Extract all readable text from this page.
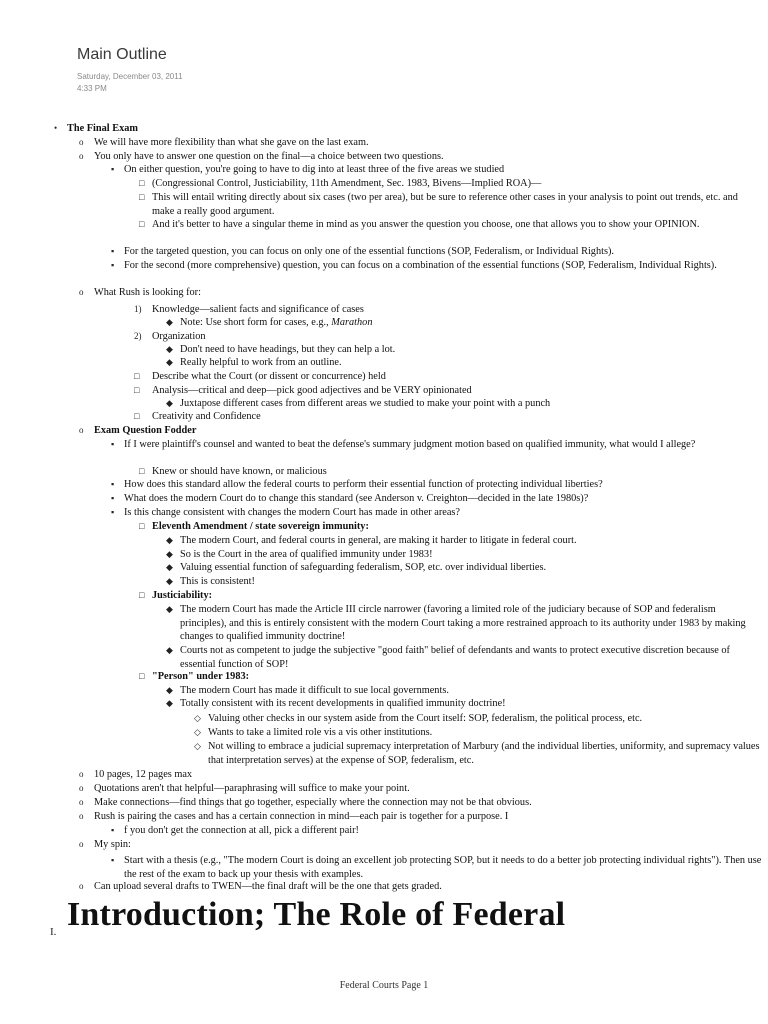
Main Outline
Saturday, December 03, 2011
4:33 PM
• The Final Exam
o We will have more flexibility than what she gave on the last exam.
o You only have to answer one question on the final—a choice between two questions.
▪ On either question, you're going to have to dig into at least three of the five areas we studied
□ (Congressional Control, Justiciability, 11th Amendment, Sec. 1983, Bivens—Implied ROA)—
□ This will entail writing directly about six cases (two per area), but be sure to reference other cases in your analysis to point out trends, etc. and make a really good argument.
□ And it's better to have a singular theme in mind as you answer the question you choose, one that allows you to show your OPINION.
▪ For the targeted question, you can focus on only one of the essential functions (SOP, Federalism, or Individual Rights).
▪ For the second (more comprehensive) question, you can focus on a combination of the essential functions (SOP, Federalism, Individual Rights).
o What Rush is looking for:
1) Knowledge—salient facts and significance of cases
◆ Note: Use short form for cases, e.g., Marathon
2) Organization
◆ Don't need to have headings, but they can help a lot.
◆ Really helpful to work from an outline.
□ Describe what the Court (or dissent or concurrence) held
□ Analysis—critical and deep—pick good adjectives and be VERY opinionated
◆ Juxtapose different cases from different areas we studied to make your point with a punch
□ Creativity and Confidence
o Exam Question Fodder
▪ If I were plaintiff's counsel and wanted to beat the defense's summary judgment motion based on qualified immunity, what would I allege?
□ Knew or should have known, or malicious
▪ How does this standard allow the federal courts to perform their essential function of protecting individual liberties?
▪ What does the modern Court do to change this standard (see Anderson v. Creighton—decided in the late 1980s)?
▪ Is this change consistent with changes the modern Court has made in other areas?
□ Eleventh Amendment / state sovereign immunity:
◆ The modern Court, and federal courts in general, are making it harder to litigate in federal court.
◆ So is the Court in the area of qualified immunity under 1983!
◆ Valuing essential function of safeguarding federalism, SOP, etc. over individual liberties.
◆ This is consistent!
□ Justiciability:
◆ The modern Court has made the Article III circle narrower (favoring a limited role of the judiciary because of SOP and federalism principles), and this is entirely consistent with the modern Court taking a more restrained approach to its authority under 1983 by making changes to qualified immunity doctrine!
◆ Courts not as competent to judge the subjective "good faith" belief of defendants and wants to protect executive discretion because of essential function of SOP!
□ "Person" under 1983:
◆ The modern Court has made it difficult to sue local governments.
◆ Totally consistent with its recent developments in qualified immunity doctrine!
◇ Valuing other checks in our system aside from the Court itself: SOP, federalism, the political process, etc.
◇ Wants to take a limited role vis a vis other institutions.
◇ Not willing to embrace a judicial supremacy interpretation of Marbury (and the individual liberties, uniformity, and supremacy values that interpretation serves) at the expense of SOP, federalism, etc.
o 10 pages, 12 pages max
o Quotations aren't that helpful—paraphrasing will suffice to make your point.
o Make connections—find things that go together, especially where the connection may not be that obvious.
o Rush is pairing the cases and has a certain connection in mind—each pair is together for a purpose. I
▪ f you don't get the connection at all, pick a different pair!
o My spin:
▪ Start with a thesis (e.g., "The modern Court is doing an excellent job protecting SOP, but it needs to do a better job protecting individual rights"). Then use the rest of the exam to back up your thesis with examples.
o Can upload several drafts to TWEN—the final draft will be the one that gets graded.
I. Introduction; The Role of Federal
Federal Courts Page 1
